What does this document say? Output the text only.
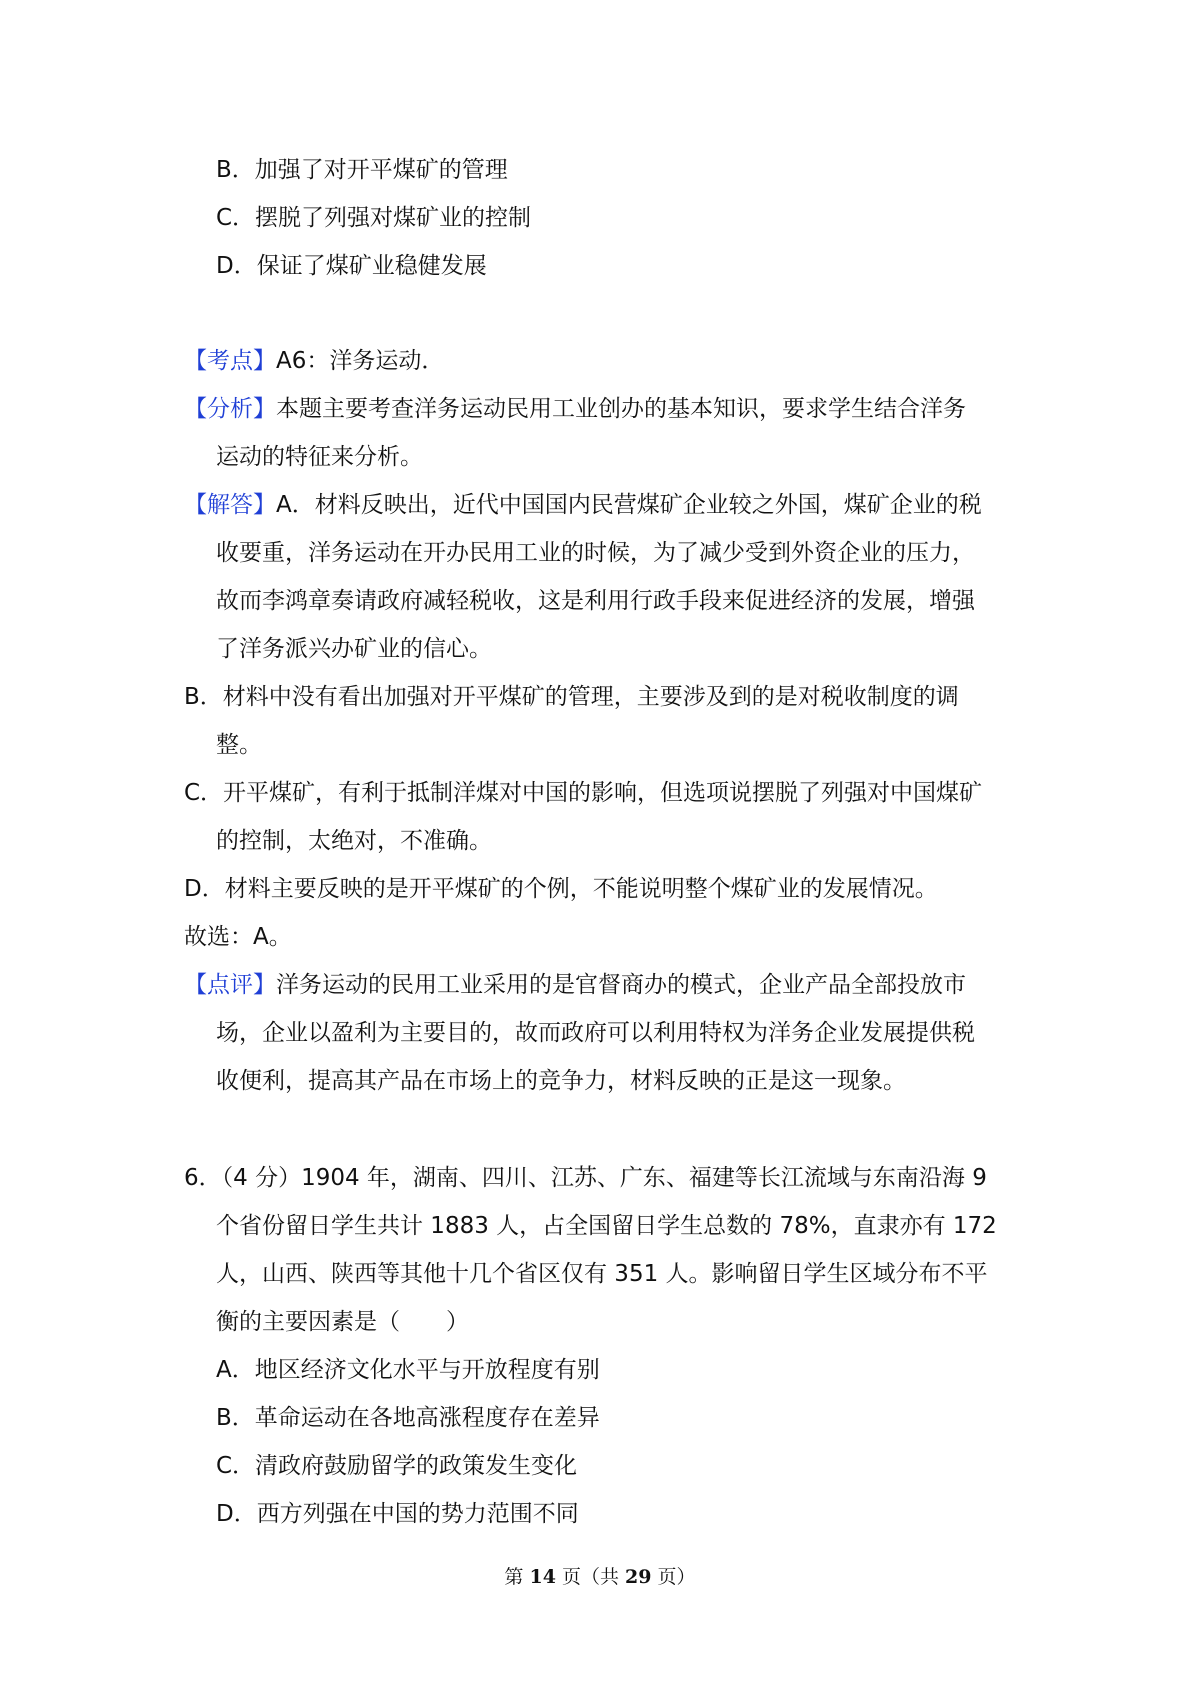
B．加强了对开平煤矿的管理
C．摆脱了列强对煤矿业的控制
D．保证了煤矿业稳健发展
【考点】A6：洋务运动．
【分析】本题主要考查洋务运动民用工业创办的基本知识，要求学生结合洋务
运动的特征来分析。
【解答】A．材料反映出，近代中国国内民营煤矿企业较之外国，煤矿企业的税
收要重，洋务运动在开办民用工业的时候，为了减少受到外资企业的压力，
故而李鸿章奏请政府减轻税收，这是利用行政手段来促进经济的发展，增强
了洋务派兴办矿业的信心。
B．材料中没有看出加强对开平煤矿的管理，主要涉及到的是对税收制度的调
整。
C．开平煤矿，有利于抵制洋煤对中国的影响，但选项说摆脱了列强对中国煤矿
的控制，太绝对，不准确。
D．材料主要反映的是开平煤矿的个例，不能说明整个煤矿业的发展情况。
故选：A。
【点评】洋务运动的民用工业采用的是官督商办的模式，企业产品全部投放市
场，企业以盈利为主要目的，故而政府可以利用特权为洋务企业发展提供税
收便利，提高其产品在市场上的竞争力，材料反映的正是这一现象。
6．（4 分）1904 年，湖南、四川、江苏、广东、福建等长江流域与东南沿海 9
个省份留日学生共计 1883 人，占全国留日学生总数的 78%，直隶亦有 172
人，山西、陕西等其他十几个省区仅有 351 人。影响留日学生区域分布不平
衡的主要因素是（　　）
A．地区经济文化水平与开放程度有别
B．革命运动在各地高涨程度存在差异
C．清政府鼓励留学的政策发生变化
D．西方列强在中国的势力范围不同
第 14 页（共 29 页）
